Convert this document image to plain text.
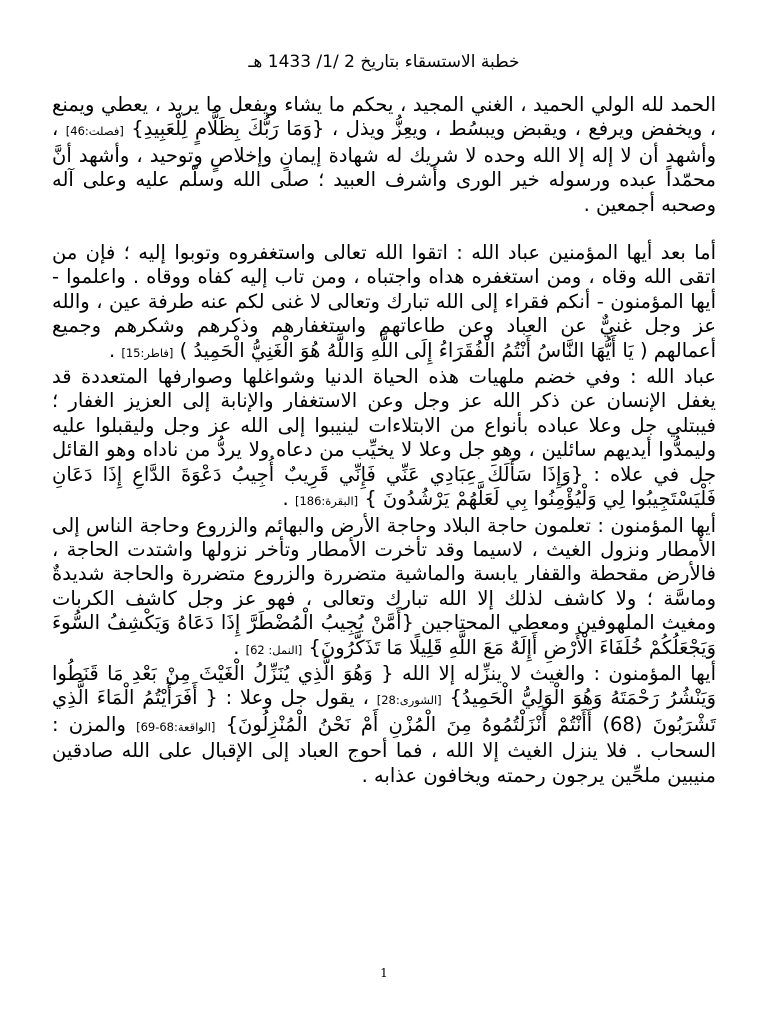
خطبة الاستسقاء بتاريخ 2 /1/ 1433 هـ

الحمد لله الولي الحميد ، الغني المجيد ، يحكم ما يشاء ويفعل ما يريد ، يعطي ويمنع ، ويخفض ويرفع ، ويقبض ويبسُط ، ويعِزُّ ويذل ، {وَمَا رَبُّكَ بِظَلَّامٍ لِلْعَبِيدِ} [فصلت:46] ، وأشهد أن لا إله إلا الله وحده لا شريك له شهادة إيمانٍ وإخلاصٍ وتوحيد ، وأشهد أنَّ محمّداً عبده ورسوله خير الورى وأشرف العبيد ؛ صلى الله وسلّم عليه وعلى آله وصحبه أجمعين .

أما بعد أيها المؤمنين عباد الله : اتقوا الله تعالى واستغفروه وتوبوا إليه ؛ فإن من اتقى الله وقاه ، ومن استغفره هداه واجتباه ، ومن تاب إليه كفاه ووقاه . واعلموا - أيها المؤمنون - أنكم فقراء إلى الله تبارك وتعالى لا غنى لكم عنه طرفة عين ، والله عز وجل غنيٌّ عن العباد وعن طاعاتهم واستغفارهم وذكرهم وشكرهم وجميع أعمالهم ( يَا أَيُّهَا النَّاسُ أَنْتُمُ الْفُقَرَاءُ إِلَى اللَّهِ وَاللَّهُ هُوَ الْغَنِيُّ الْحَمِيدُ ) [فاطر:15] .

عباد الله : وفي خضم ملهيات هذه الحياة الدنيا وشواغلها وصوارفها المتعددة قد يغفل الإنسان عن ذكر الله عز وجل وعن الاستغفار والإنابة إلى العزيز الغفار ؛ فيبتلي جل وعلا عباده بأنواع من الابتلاءات لينيبوا إلى الله عز وجل وليقبلوا عليه وليمدُّوا أيديهم سائلين ، وهو جل وعلا لا يخيِّب من دعاه ولا يردُّ من ناداه وهو القائل جل في علاه : {وَإِذَا سَأَلَكَ عِبَادِي عَنِّي فَإِنِّي قَرِيبٌ أُجِيبُ دَعْوَةَ الدَّاعِ إِذَا دَعَانِ فَلْيَسْتَجِيبُوا لِي وَلْيُؤْمِنُوا بِي لَعَلَّهُمْ يَرْشُدُونَ } [البقرة:186] .

أيها المؤمنون : تعلمون حاجة البلاد وحاجة الأرض والبهائم والزروع وحاجة الناس إلى الأمطار ونزول الغيث ، لاسيما وقد تأخرت الأمطار وتأخر نزولها واشتدت الحاجة ، فالأرض مقحطة والقفار يابسة والماشية متضررة والزروع متضررة والحاجة شديدةٌ وماسَّة ؛ ولا كاشف لذلك إلا الله تبارك وتعالى ، فهو عز وجل كاشف الكربات ومغيث الملهوفين ومعطي المحتاجين {أَمَّنْ يُجِيبُ الْمُضْطَرَّ إِذَا دَعَاهُ وَيَكْشِفُ السُّوءَ وَيَجْعَلُكُمْ خُلَفَاءَ الْأَرْضِ أَإِلَهٌ مَعَ اللَّهِ قَلِيلًا مَا تَذَكَّرُونَ} [النمل: 62] .

أيها المؤمنون : والغيث لا ينزِّله إلا الله { وَهُوَ الَّذِي يُنَزِّلُ الْغَيْثَ مِنْ بَعْدِ مَا قَنَطُوا وَيَنْشُرُ رَحْمَتَهُ وَهُوَ الْوَلِيُّ الْحَمِيدُ} [الشورى:28] ، يقول جل وعلا : { أَفَرَأَيْتُمُ الْمَاءَ الَّذِي تَشْرَبُونَ (68) أَأَنْتُمْ أَنْزَلْتُمُوهُ مِنَ الْمُزْنِ أَمْ نَحْنُ الْمُنْزِلُونَ} [الواقعة:68-69] والمزن : السحاب . فلا ينزل الغيث إلا الله ، فما أحوج العباد إلى الإقبال على الله صادقين منيبين ملحِّين يرجون رحمته ويخافون عذابه .

1
